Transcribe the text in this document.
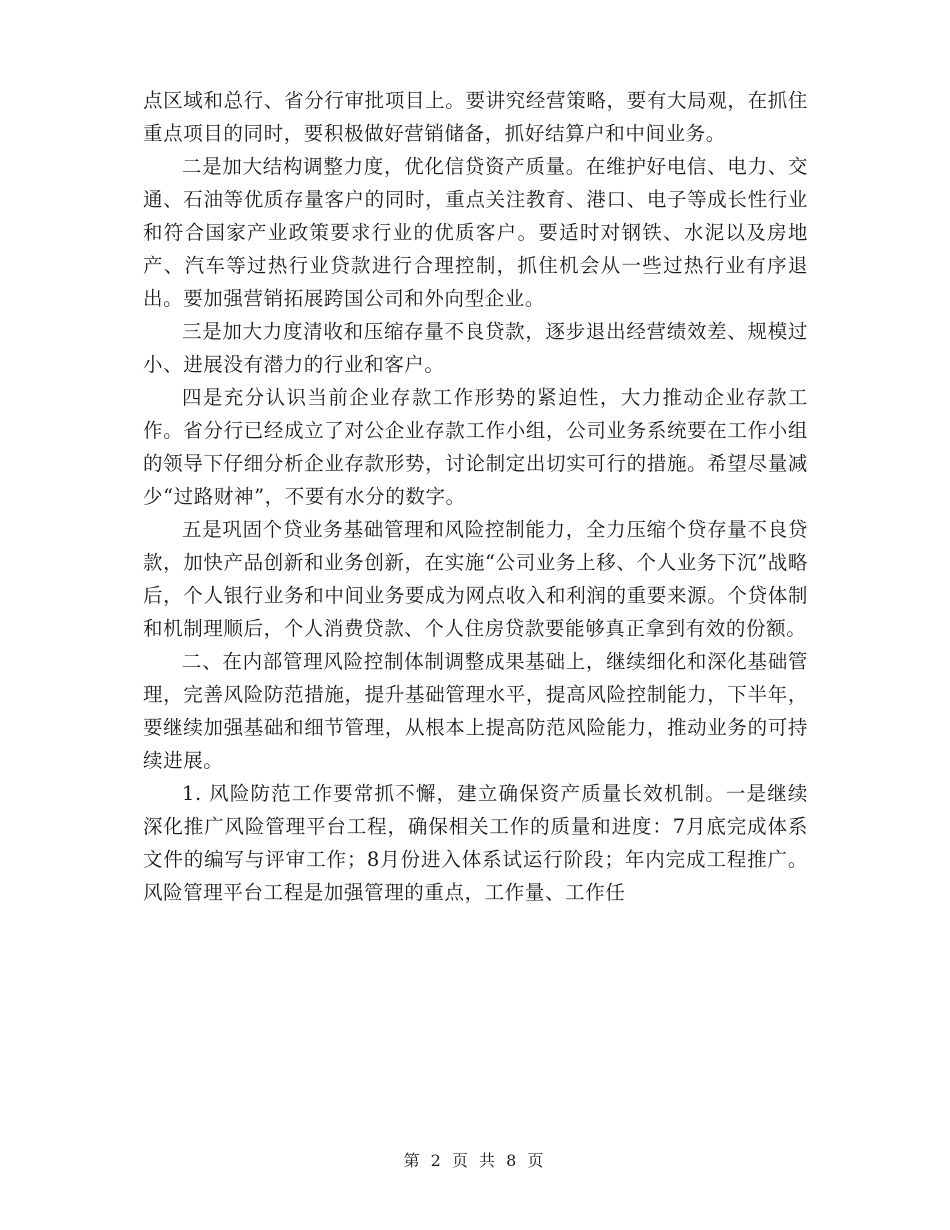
点区域和总行、省分行审批项目上。要讲究经营策略，要有大局观，在抓住重点项目的同时，要积极做好营销储备，抓好结算户和中间业务。

二是加大结构调整力度，优化信贷资产质量。在维护好电信、电力、交通、石油等优质存量客户的同时，重点关注教育、港口、电子等成长性行业和符合国家产业政策要求行业的优质客户。要适时对钢铁、水泥以及房地产、汽车等过热行业贷款进行合理控制，抓住机会从一些过热行业有序退出。要加强营销拓展跨国公司和外向型企业。

三是加大力度清收和压缩存量不良贷款，逐步退出经营绩效差、规模过小、进展没有潜力的行业和客户。

四是充分认识当前企业存款工作形势的紧迫性，大力推动企业存款工作。省分行已经成立了对公企业存款工作小组，公司业务系统要在工作小组的领导下仔细分析企业存款形势，讨论制定出切实可行的措施。希望尽量减少“过路财神”，不要有水分的数字。

五是巩固个贷业务基础管理和风险控制能力，全力压缩个贷存量不良贷款，加快产品创新和业务创新，在实施“公司业务上移、个人业务下沉”战略后，个人银行业务和中间业务要成为网点收入和利润的重要来源。个贷体制和机制理顺后，个人消费贷款、个人住房贷款要能够真正拿到有效的份额。

二、在内部管理风险控制体制调整成果基础上，继续细化和深化基础管理，完善风险防范措施，提升基础管理水平，提高风险控制能力，下半年，要继续加强基础和细节管理，从根本上提高防范风险能力，推动业务的可持续进展。

1. 风险防范工作要常抓不懈，建立确保资产质量长效机制。一是继续深化推广风险管理平台工程，确保相关工作的质量和进度：7月底完成体系文件的编写与评审工作；8月份进入体系试运行阶段；年内完成工程推广。风险管理平台工程是加强管理的重点，工作量、工作任

第 2 页 共 8 页
